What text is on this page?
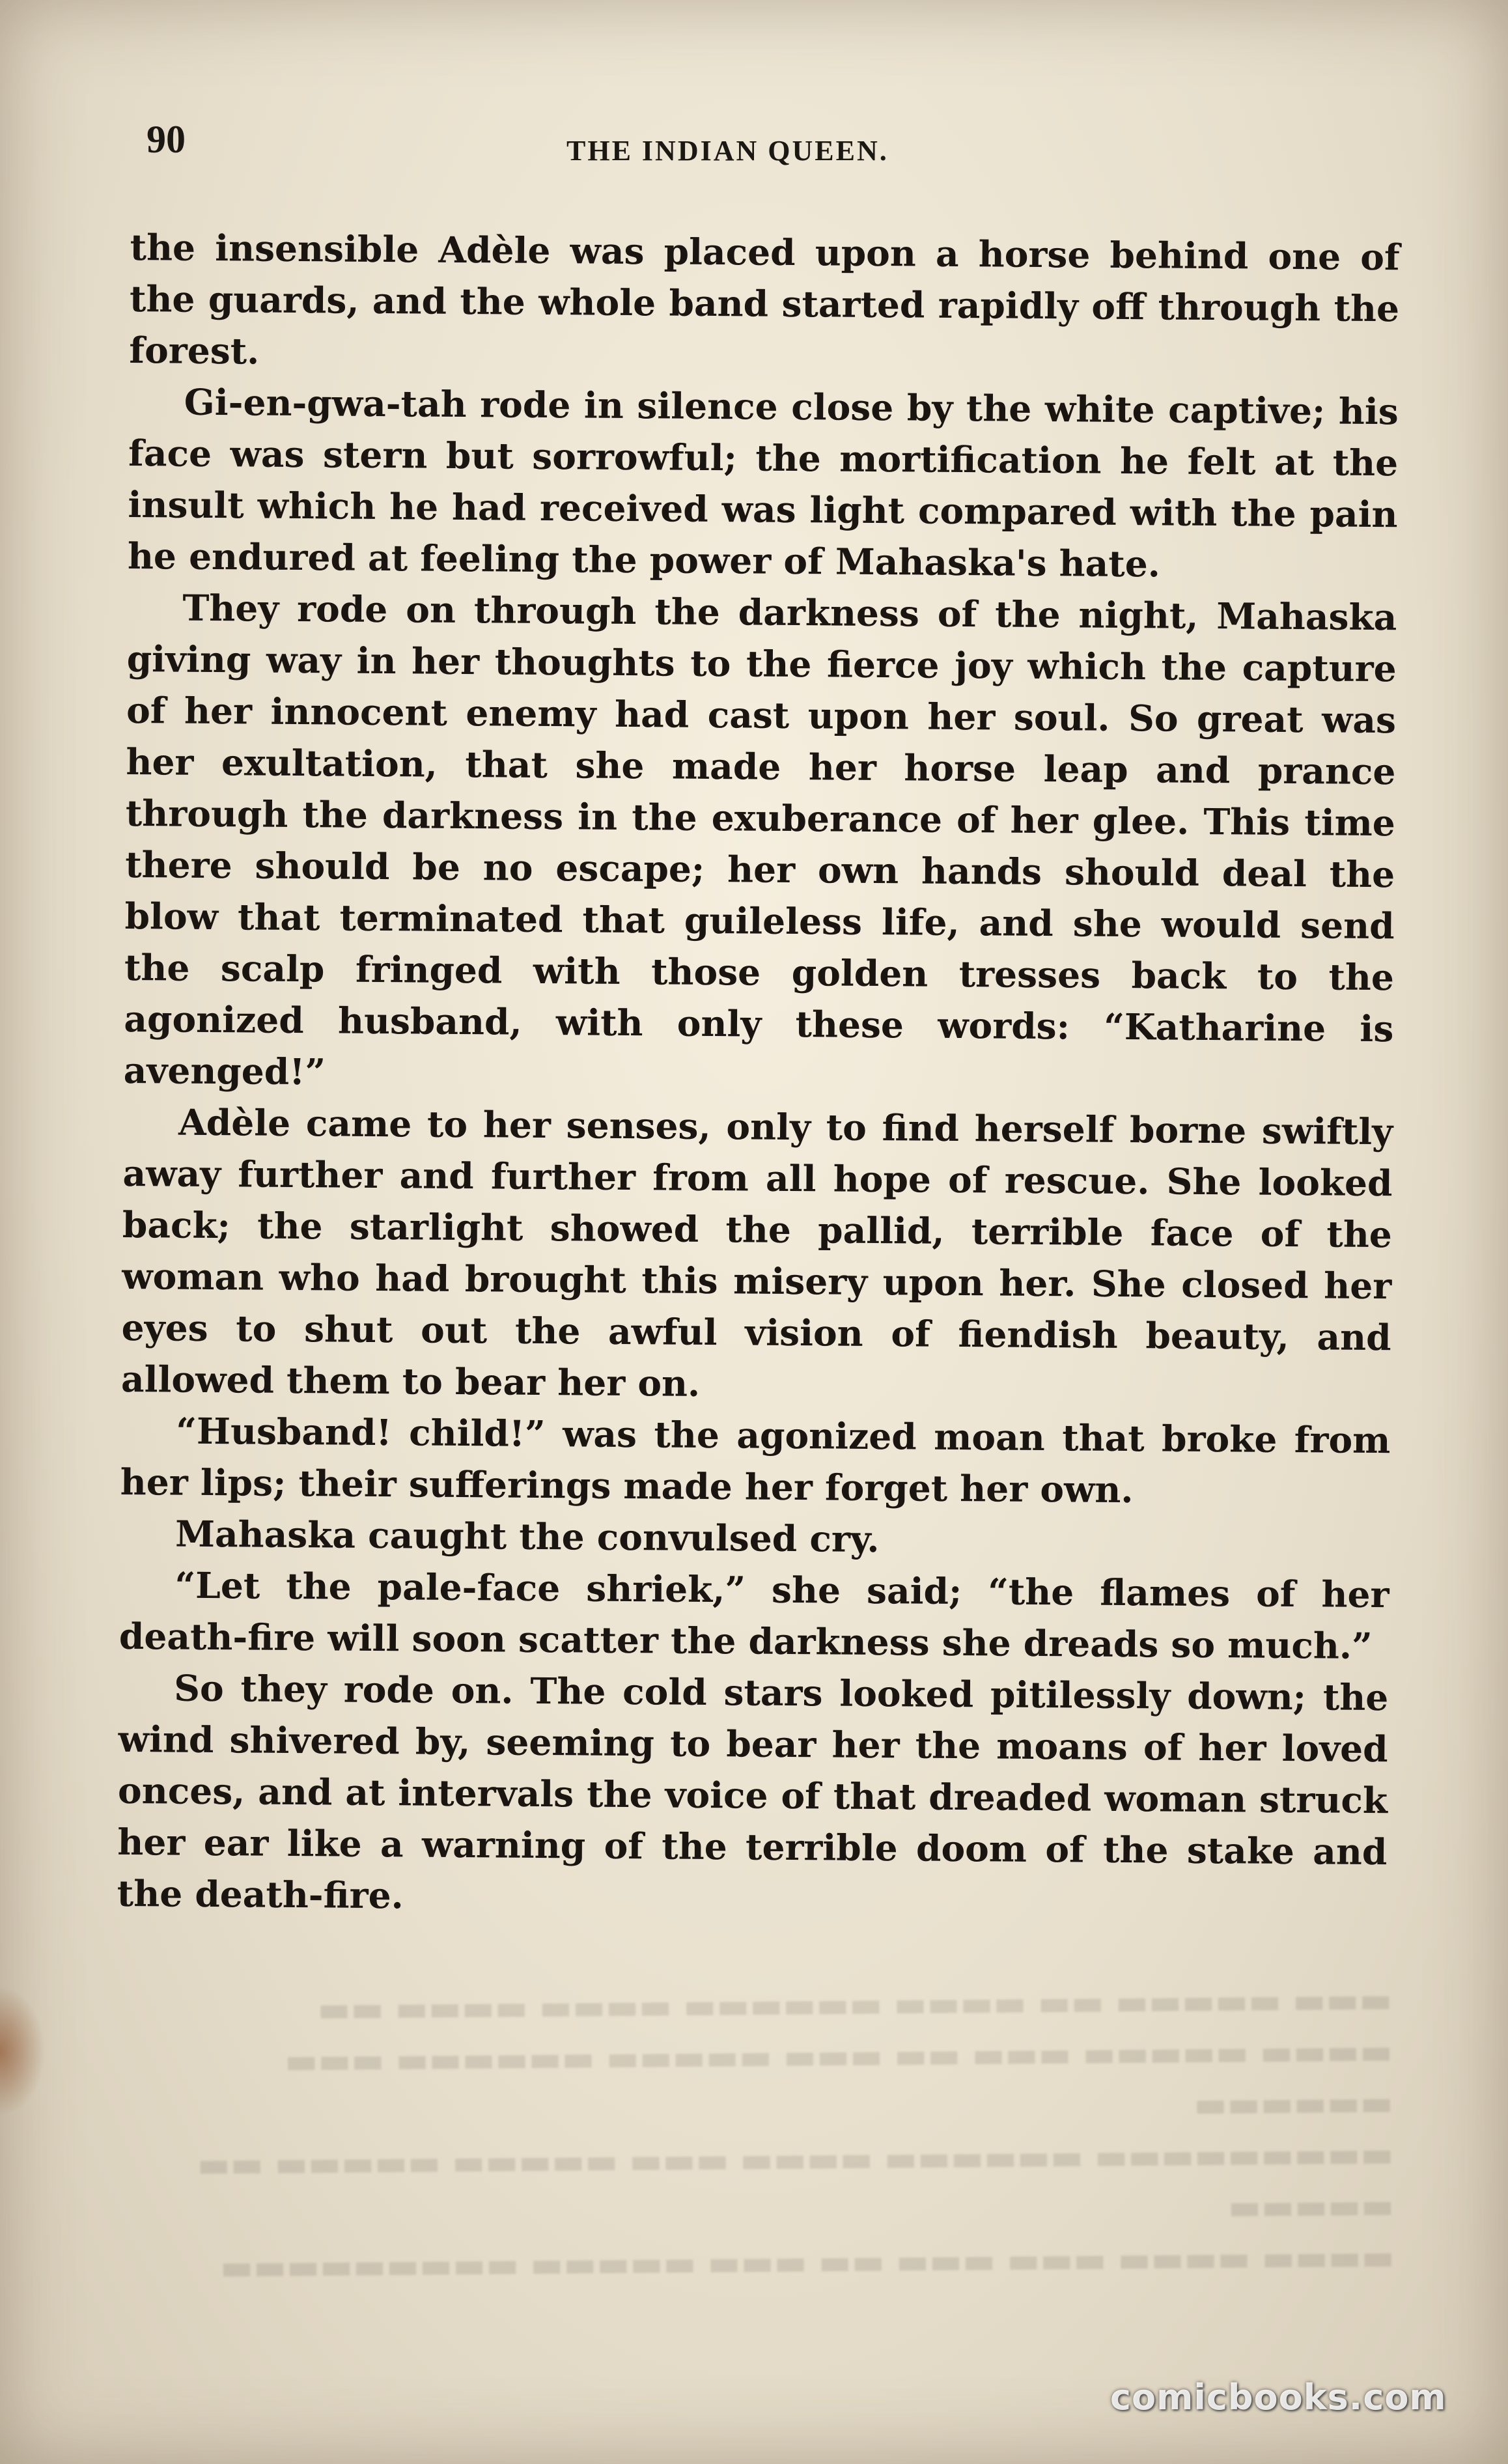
90	THE INDIAN QUEEN.

the insensible Adèle was placed upon a horse behind one of the guards, and the whole band started rapidly off through the forest.

Gi-en-gwa-tah rode in silence close by the white captive; his face was stern but sorrowful; the mortification he felt at the insult which he had received was light compared with the pain he endured at feeling the power of Mahaska's hate.

They rode on through the darkness of the night, Mahaska giving way in her thoughts to the fierce joy which the capture of her innocent enemy had cast upon her soul. So great was her exultation, that she made her horse leap and prance through the darkness in the exuberance of her glee. This time there should be no escape; her own hands should deal the blow that terminated that guileless life, and she would send the scalp fringed with those golden tresses back to the agonized husband, with only these words: “Katharine is avenged!”

Adèle came to her senses, only to find herself borne swiftly away further and further from all hope of rescue. She looked back; the starlight showed the pallid, terrible face of the woman who had brought this misery upon her. She closed her eyes to shut out the awful vision of fiendish beauty, and allowed them to bear her on.

“Husband! child!” was the agonized moan that broke from her lips; their sufferings made her forget her own.

Mahaska caught the convulsed cry.

“Let the pale-face shriek,” she said; “the flames of her death-fire will soon scatter the darkness she dreads so much.”

So they rode on. The cold stars looked pitilessly down; the wind shivered by, seeming to bear her the moans of her loved onces, and at intervals the voice of that dreaded woman struck her ear like a warning of the terrible doom of the stake and the death-fire.

▬▬▬ ▬▬▬▬▬ ▬▬ ▬▬▬▬ ▬▬▬▬▬▬ ▬▬▬▬ ▬▬▬▬ ▬▬

▬▬▬▬ ▬▬▬▬▬ ▬▬▬ ▬▬ ▬▬▬ ▬▬▬▬▬ ▬▬▬▬▬▬ ▬▬▬

▬▬▬▬▬▬

▬▬▬▬▬▬▬▬▬ ▬▬▬▬▬▬ ▬▬▬▬ ▬▬▬ ▬▬▬▬▬ ▬▬▬▬▬ ▬▬

▬▬▬▬▬

▬▬▬▬ ▬▬▬▬ ▬▬▬ ▬▬▬ ▬▬ ▬▬▬ ▬▬▬▬▬ ▬▬▬▬▬▬▬▬▬

comicbooks.com
